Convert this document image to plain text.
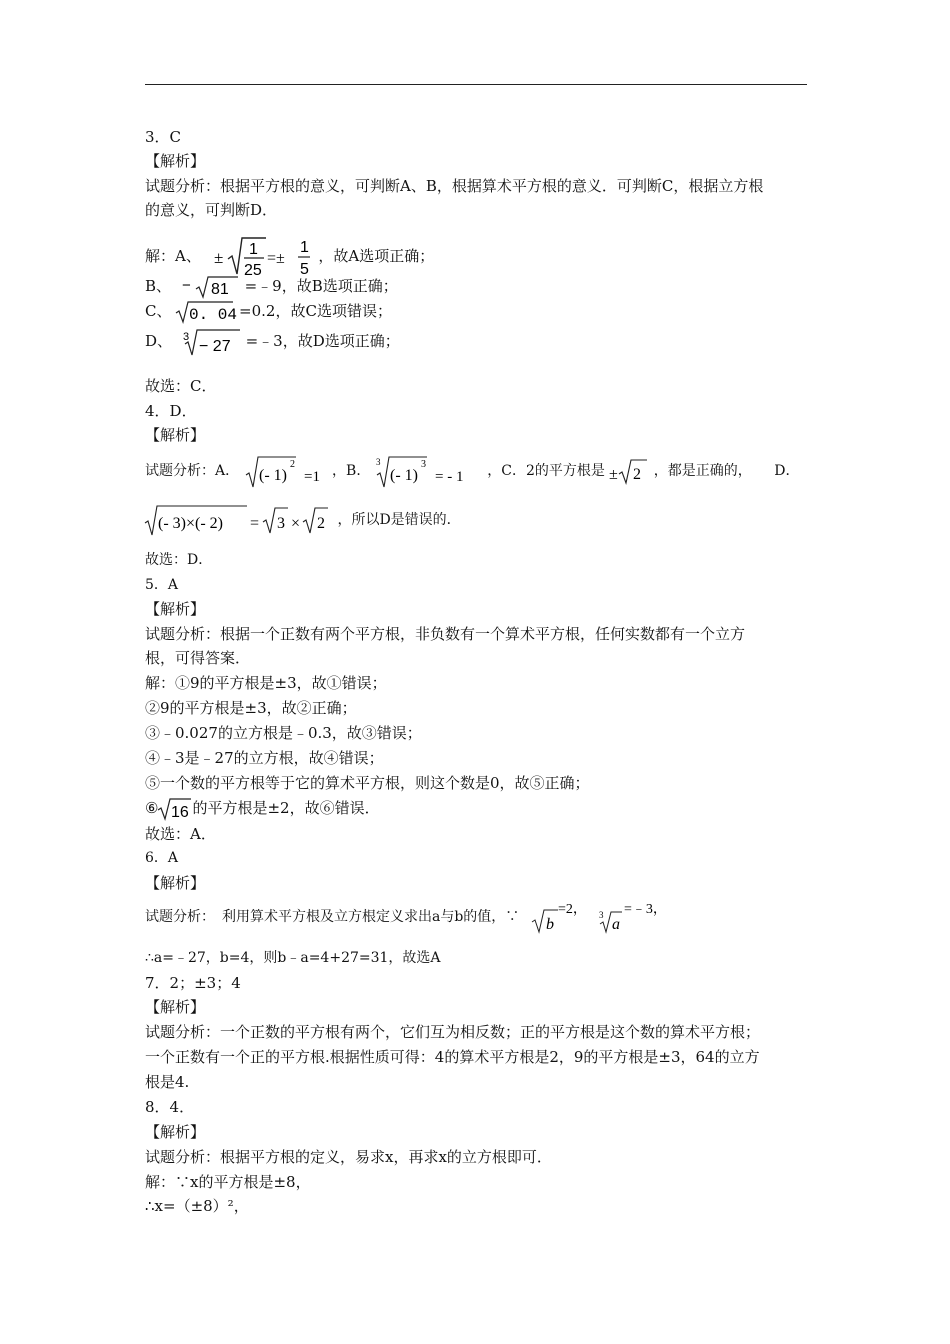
3．C
【解析】
试题分析：根据平方根的意义，可判断A、B，根据算术平方根的意义．可判断C，根据立方根
的意义，可判断D．
解：A、 ± 1
25
=±
1
5
，故A选项正确；
B、 − 81 =﹣9，故B选项正确；
C、 0. 04 =0.2，故C选项错误；
D、 3
− 27 =﹣3，故D选项正确；
故选：C．
4．D．
【解析】
试题分析：A． (- 1)
2
=1 ，B．
3
(- 1)
3
= - 1 ，C．2的平方根是 ± 2 ，都是正确的， D．
(- 3)×(- 2) = 3 × 2 ，所以D是错误的．
故选：D．
5．A
【解析】
试题分析：根据一个正数有两个平方根，非负数有一个算术平方根，任何实数都有一个立方
根，可得答案．
解：①9的平方根是±3，故①错误；
②9的平方根是±3，故②正确；
③﹣0.027的立方根是﹣0.3，故③错误；
④﹣3是﹣27的立方根，故④错误；
⑤一个数的平方根等于它的算术平方根，则这个数是0，故⑤正确；
⑥ 16 的平方根是±2，故⑥错误．
故选：A．
6．A
【解析】
试题分析：　利用算术平方根及立方根定义求出a与b的值，∵ b
=2，
3
a
=﹣3，
∴a=﹣27，b=4，则b﹣a=4+27=31，故选A
7．2；±3；4
【解析】
试题分析：一个正数的平方根有两个，它们互为相反数；正的平方根是这个数的算术平方根；
一个正数有一个正的平方根.根据性质可得：4的算术平方根是2，9的平方根是±3，64的立方
根是4.
8．4．
【解析】
试题分析：根据平方根的定义，易求x，再求x的立方根即可．
解：∵x的平方根是±8，
∴x=（±8）²，
